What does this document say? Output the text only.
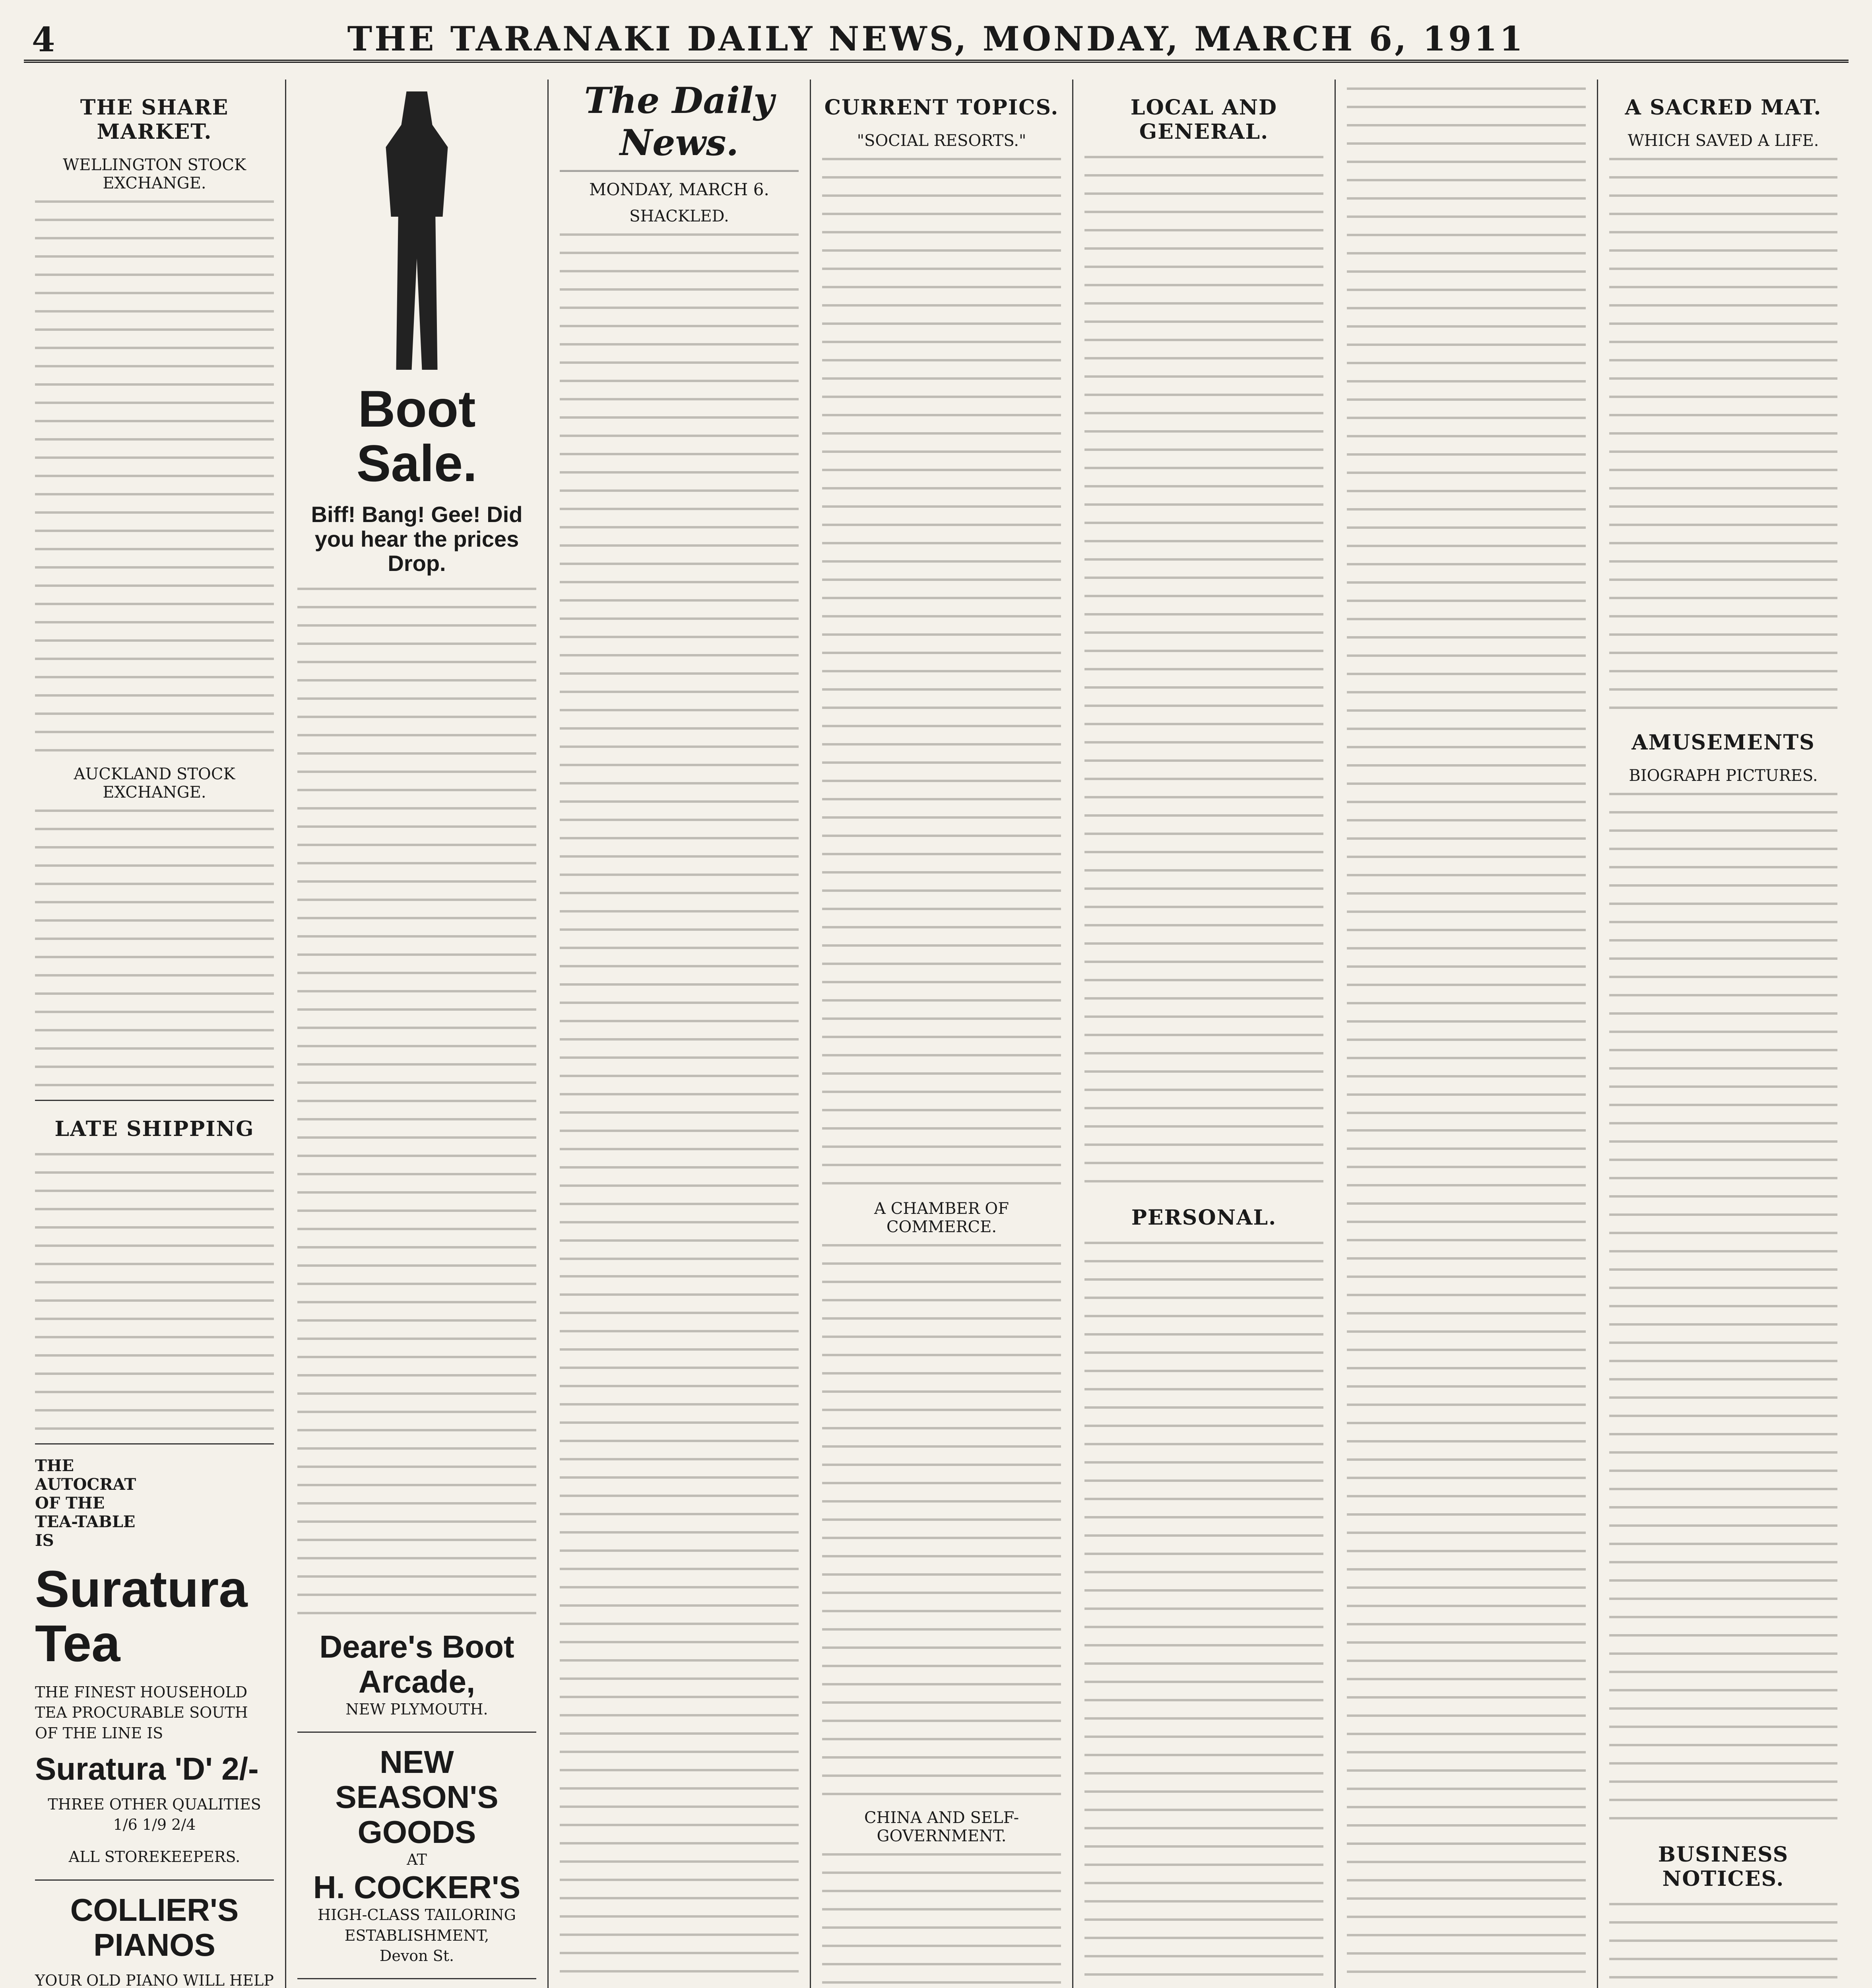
4	THE TARANAKI DAILY NEWS, MONDAY, MARCH 6, 1911
THE SHARE MARKET.
WELLINGTON STOCK EXCHANGE.
AUCKLAND STOCK EXCHANGE.
LATE SHIPPING
THE
AUTOCRAT
OF THE
TEA-TABLE
IS
Suratura Tea
THE FINEST HOUSEHOLD TEA PROCURABLE SOUTH OF THE LINE IS
Suratura 'D' 2/-
THREE OTHER QUALITIES
1/6 1/9 2/4
ALL STOREKEEPERS.
COLLIER'S PIANOS
YOUR OLD PIANO WILL HELP
Boot Sale.
Biff! Bang! Gee! Did you hear the prices Drop.
Deare's Boot Arcade,
NEW PLYMOUTH.
NEW SEASON'S GOODS
AT
H. COCKER'S
HIGH-CLASS TAILORING ESTABLISHMENT,
Devon St.
The Daily News.
MONDAY, MARCH 6.
SHACKLED.
CURRENT TOPICS.
"SOCIAL RESORTS."
A CHAMBER OF COMMERCE.
CHINA AND SELF-GOVERNMENT.
LOCAL AND GENERAL.
PERSONAL.
A SACRED MAT.
WHICH SAVED A LIFE.
AMUSEMENTS
BIOGRAPH PICTURES.
BUSINESS NOTICES.
